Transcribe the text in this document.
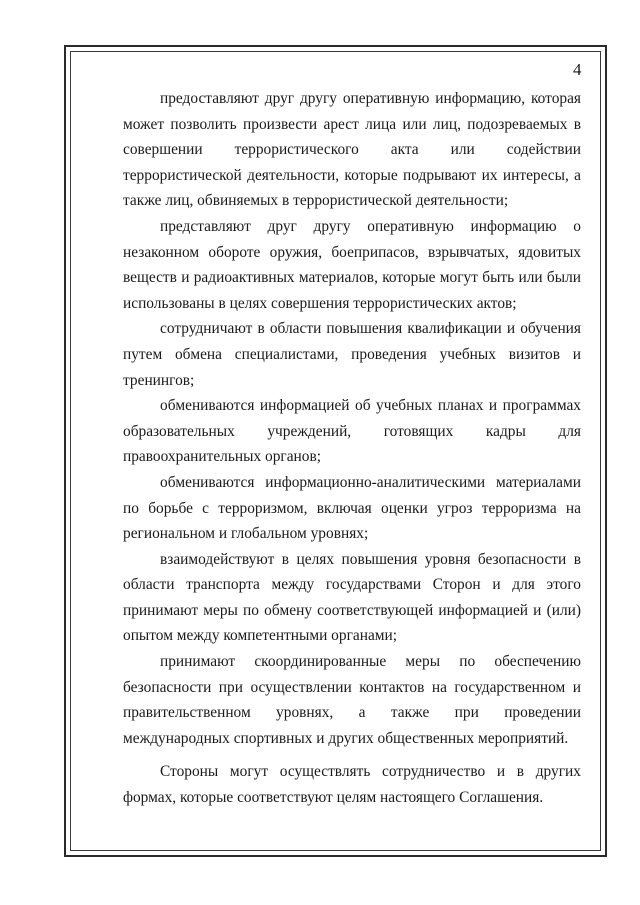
4

предоставляют друг другу оперативную информацию, которая может позволить произвести арест лица или лиц, подозреваемых в совершении террористического акта или содействии террористической деятельности, которые подрывают их интересы, а также лиц, обвиняемых в террористической деятельности;

представляют друг другу оперативную информацию о незаконном обороте оружия, боеприпасов, взрывчатых, ядовитых веществ и радиоактивных материалов, которые могут быть или были использованы в целях совершения террористических актов;

сотрудничают в области повышения квалификации и обучения путем обмена специалистами, проведения учебных визитов и тренингов;

обмениваются информацией об учебных планах и программах образовательных учреждений, готовящих кадры для правоохранительных органов;

обмениваются информационно-аналитическими материалами по борьбе с терроризмом, включая оценки угроз терроризма на региональном и глобальном уровнях;

взаимодействуют в целях повышения уровня безопасности в области транспорта между государствами Сторон и для этого принимают меры по обмену соответствующей информацией и (или) опытом между компетентными органами;

принимают скоординированные меры по обеспечению безопасности при осуществлении контактов на государственном и правительственном уровнях, а также при проведении международных спортивных и других общественных мероприятий.

Стороны могут осуществлять сотрудничество и в других формах, которые соответствуют целям настоящего Соглашения.
